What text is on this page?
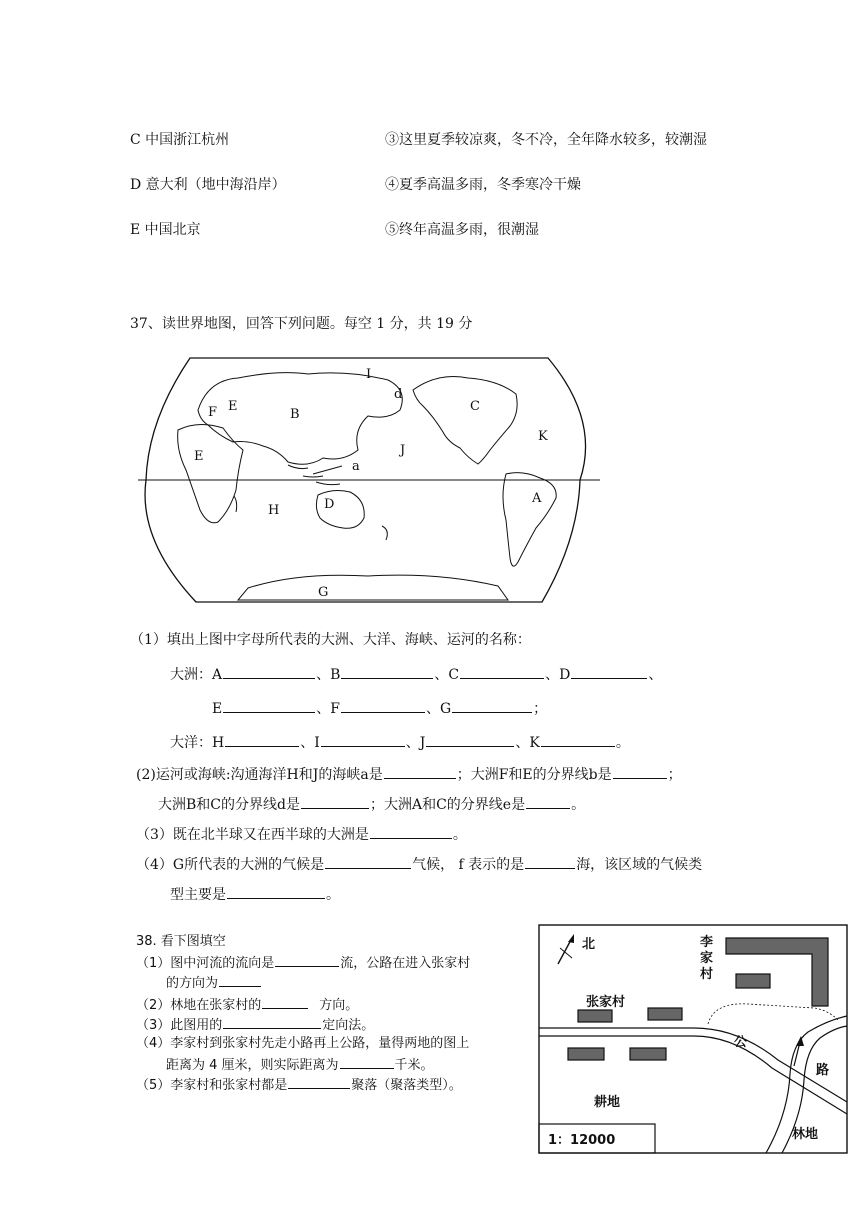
C 中国浙江杭州	③这里夏季较凉爽，冬不冷，全年降水较多，较潮湿
D 意大利（地中海沿岸）	④夏季高温多雨，冬季寒冷干燥
E 中国北京	⑤终年高温多雨，很潮湿
37、读世界地图，回答下列问题。每空 1 分，共 19 分
I
d
C
F E
B
K
J
E
a
A
H	D
G
（1）填出上图中字母所代表的大洲、大洋、海峡、运河的名称：
大洲：A	、B	、C	、D	、
E	、F	、G	；
大洋：H	、I	、J	、K	。
(2)运河或海峡:沟通海洋H和J的海峡a是	；大洲F和E的分界线b是	；
大洲B和C的分界线d是	；大洲A和C的分界线e是	。
（3）既在北半球又在西半球的大洲是	。
（4）G所代表的大洲的气候是	气候， f 表示的是	海，该区域的气候类
型主要是	。
38. 看下图填空
（1）图中河流的流向是	流，公路在进入张家村
的方向为
（2）林地在张家村的	方向。
（3）此图用的	定向法。
（4）李家村到张家村先走小路再上公路，量得两地的图上
距离为 4 厘米，则实际距离为	千米。
（5）李家村和张家村都是	聚落（聚落类型）。
北	李
家
村
张家村
公
路
耕地
林地
1：12000
